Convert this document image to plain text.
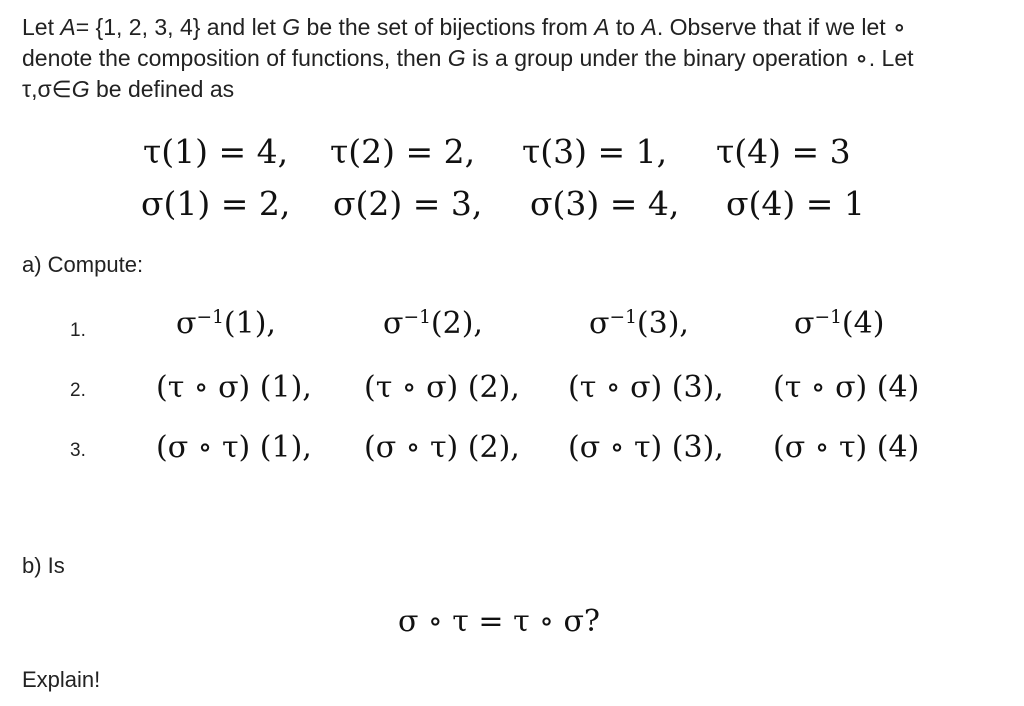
Let A= {1, 2, 3, 4} and let G be the set of bijections from A to A. Observe that if we let ∘ denote the composition of functions, then G is a group under the binary operation ∘. Let τ,σ∈G be defined as

τ(1) = 4, τ(2) = 2, τ(3) = 1, τ(4) = 3
σ(1) = 2, σ(2) = 3, σ(3) = 4, σ(4) = 1

a) Compute:

1.	$\sigma^{-1}(1)$,	$\sigma^{-1}(2)$,	$\sigma^{-1}(3)$,	$\sigma^{-1}(4)$
2. (τ ∘ σ) (1), (τ ∘ σ) (2), (τ ∘ σ) (3), (τ ∘ σ) (4)
3. (σ ∘ τ) (1), (σ ∘ τ) (2), (σ ∘ τ) (3), (σ ∘ τ) (4)

b) Is

σ ∘ τ = τ ∘ σ?

Explain!
